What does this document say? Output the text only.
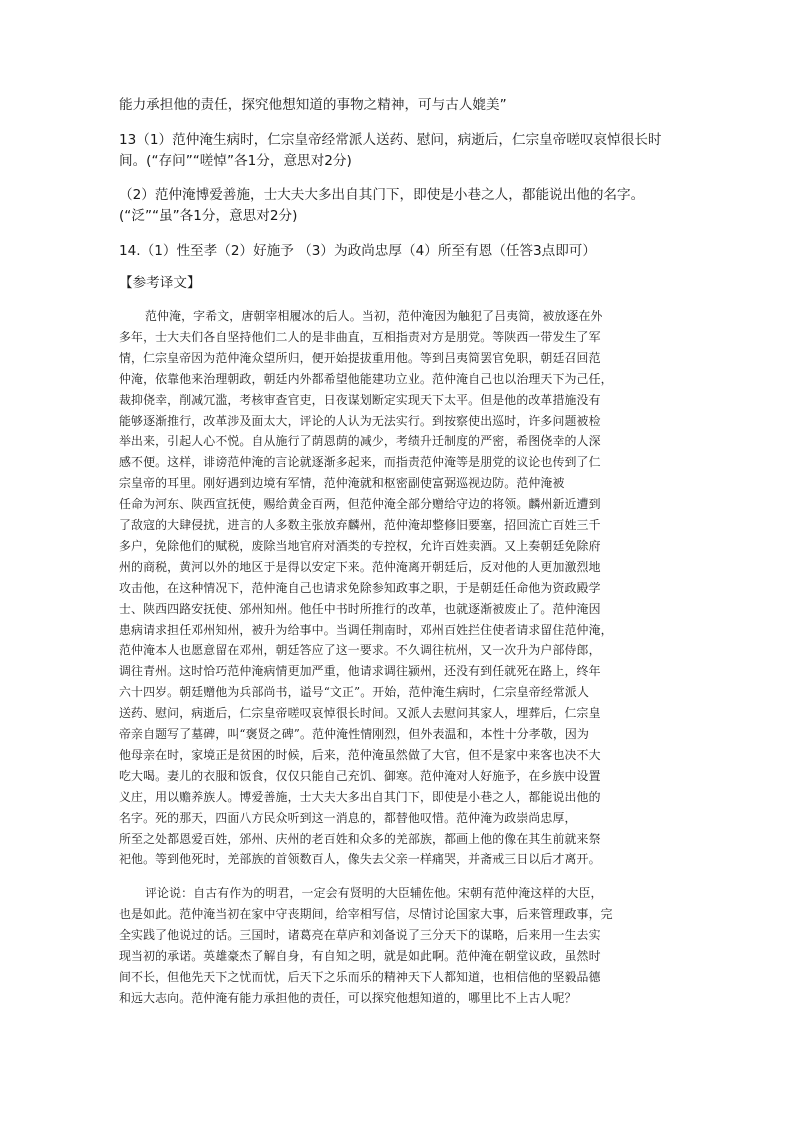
能力承担他的责任，探究他想知道的事物之精神，可与古人媲美”

13（1）范仲淹生病时，仁宗皇帝经常派人送药、慰问，病逝后，仁宗皇帝嗟叹哀悼很长时

间。(“存问”“嗟悼”各1分，意思对2分)

（2）范仲淹博爱善施，士大夫大多出自其门下，即使是小巷之人，都能说出他的名字。

(“泛”“虽”各1分，意思对2分)

14.（1）性至孝（2）好施予 （3）为政尚忠厚（4）所至有恩（任答3点即可）

【参考译文】

范仲淹，字希文，唐朝宰相履冰的后人。当初，范仲淹因为触犯了吕夷简，被放逐在外

多年，士大夫们各自坚持他们二人的是非曲直，互相指责对方是朋党。等陕西一带发生了军

情，仁宗皇帝因为范仲淹众望所归，便开始提拔重用他。等到吕夷简罢官免职，朝廷召回范

仲淹，依靠他来治理朝政，朝廷内外都希望他能建功立业。范仲淹自己也以治理天下为己任，

裁抑侥幸，削减冗滥，考核审查官吏，日夜谋划断定实现天下太平。但是他的改革措施没有

能够逐渐推行，改革涉及面太大，评论的人认为无法实行。到按察使出巡时，许多问题被检

举出来，引起人心不悦。自从施行了荫恩荫的减少，考绩升迁制度的严密，希图侥幸的人深

感不便。这样，诽谤范仲淹的言论就逐渐多起来，而指责范仲淹等是朋党的议论也传到了仁

宗皇帝的耳里。刚好遇到边境有军情，范仲淹就和枢密副使富弼巡视边防。范仲淹被

任命为河东、陕西宣抚使，赐给黄金百两，但范仲淹全部分赠给守边的将领。麟州新近遭到

了敌寇的大肆侵扰，进言的人多数主张放弃麟州，范仲淹却整修旧要塞，招回流亡百姓三千

多户，免除他们的赋税，废除当地官府对酒类的专控权，允许百姓卖酒。又上奏朝廷免除府

州的商税，黄河以外的地区于是得以安定下来。范仲淹离开朝廷后，反对他的人更加激烈地

攻击他，在这种情况下，范仲淹自己也请求免除参知政事之职，于是朝廷任命他为资政殿学

士、陕西四路安抚使、邠州知州。他任中书时所推行的改革，也就逐渐被废止了。范仲淹因

患病请求担任邓州知州，被升为给事中。当调任荆南时，邓州百姓拦住使者请求留住范仲淹，

范仲淹本人也愿意留在邓州，朝廷答应了这一要求。不久调往杭州，又一次升为户部侍郎，

调往青州。这时恰巧范仲淹病情更加严重，他请求调往颍州，还没有到任就死在路上，终年

六十四岁。朝廷赠他为兵部尚书，谥号“文正”。开始，范仲淹生病时，仁宗皇帝经常派人

送药、慰问，病逝后，仁宗皇帝嗟叹哀悼很长时间。又派人去慰问其家人，埋葬后，仁宗皇

帝亲自题写了墓碑，叫“褒贤之碑”。范仲淹性情刚烈，但外表温和，本性十分孝敬，因为

他母亲在时，家境正是贫困的时候，后来，范仲淹虽然做了大官，但不是家中来客也决不大

吃大喝。妻儿的衣服和饭食，仅仅只能自己充饥、御寒。范仲淹对人好施予，在乡族中设置

义庄，用以赡养族人。博爱善施，士大夫大多出自其门下，即使是小巷之人，都能说出他的

名字。死的那天，四面八方民众听到这一消息的，都替他叹惜。范仲淹为政崇尚忠厚，

所至之处都恩爱百姓，邠州、庆州的老百姓和众多的羌部族，都画上他的像在其生前就来祭

祀他。等到他死时，羌部族的首领数百人，像失去父亲一样痛哭，并斋戒三日以后才离开。

评论说：自古有作为的明君，一定会有贤明的大臣辅佐他。宋朝有范仲淹这样的大臣，

也是如此。范仲淹当初在家中守丧期间，给宰相写信，尽情讨论国家大事，后来管理政事，完

全实践了他说过的话。三国时，诸葛亮在草庐和刘备说了三分天下的谋略，后来用一生去实

现当初的承诺。英雄豪杰了解自身，有自知之明，就是如此啊。范仲淹在朝堂议政，虽然时

间不长，但他先天下之忧而忧，后天下之乐而乐的精神天下人都知道，也相信他的坚毅品德

和远大志向。范仲淹有能力承担他的责任，可以探究他想知道的，哪里比不上古人呢？
